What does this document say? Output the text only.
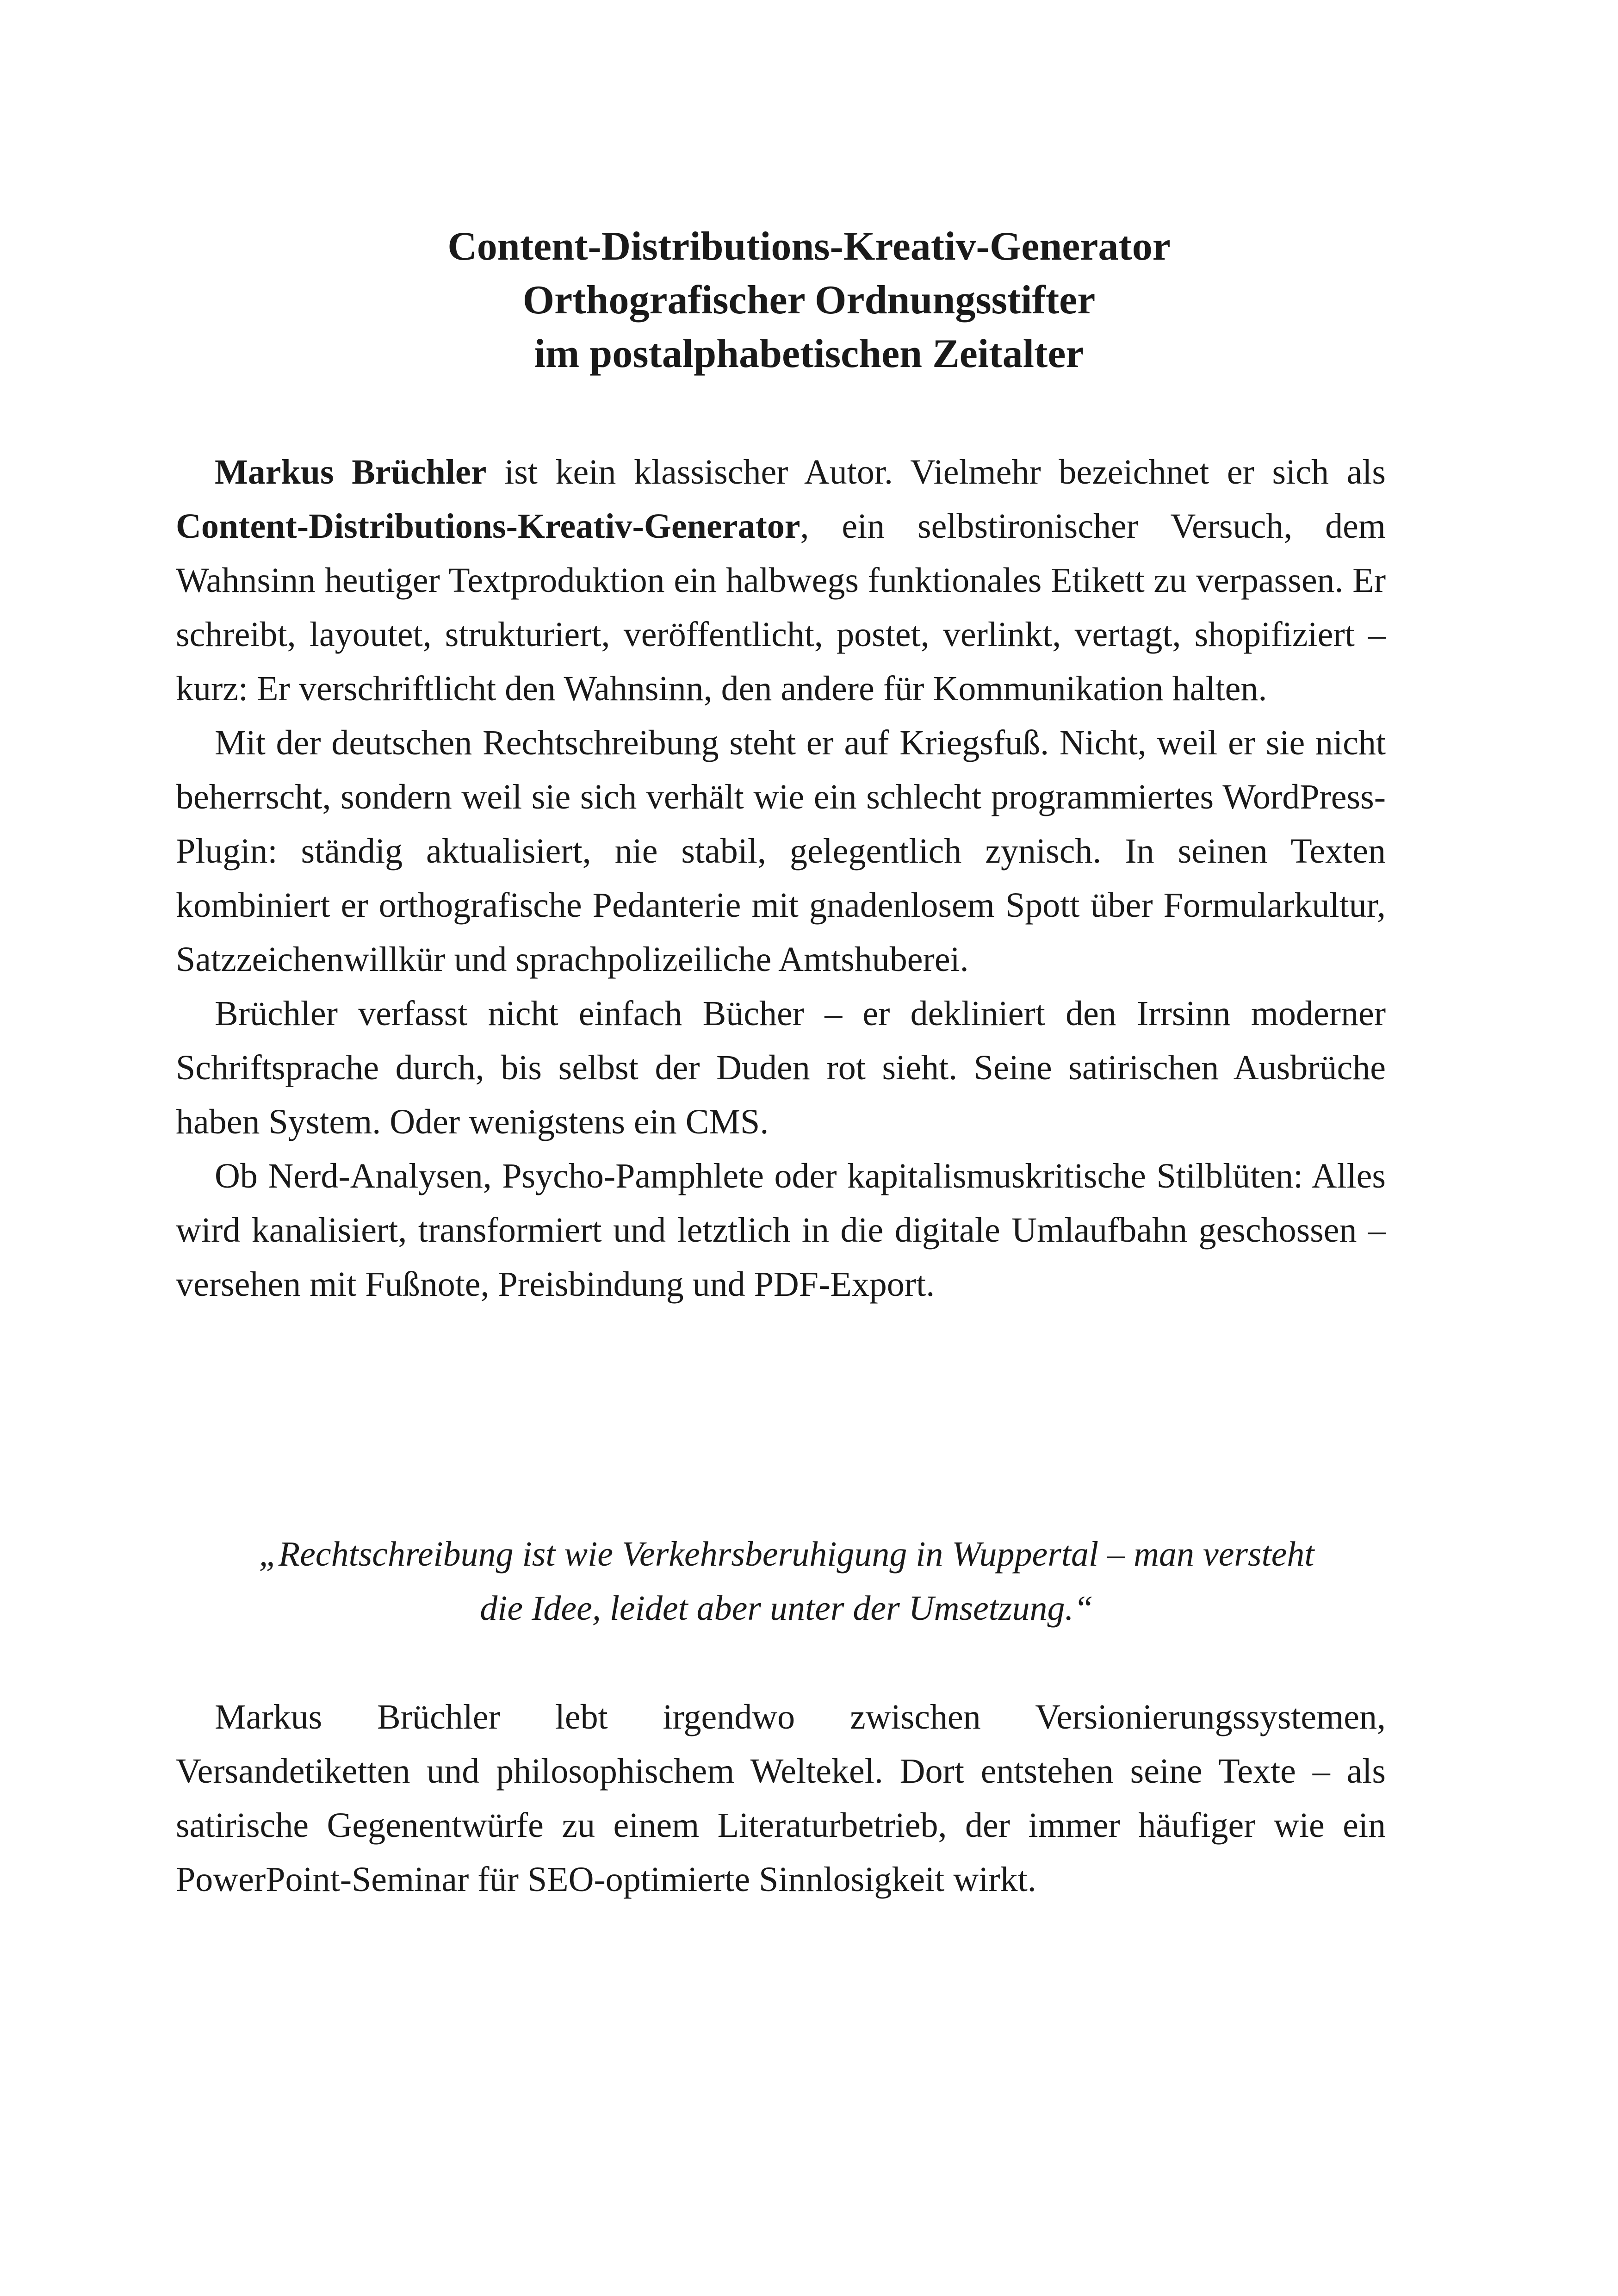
Content-Distributions-Kreativ-Generator
Orthografischer Ordnungsstifter
im postalphabetischen Zeitalter

Markus Brüchler ist kein klassischer Autor. Vielmehr bezeichnet er sich als Content-Distributions-Kreativ-Generator, ein selbstironischer Versuch, dem Wahnsinn heutiger Textproduktion ein halbwegs funktionales Etikett zu verpassen. Er schreibt, layoutet, strukturiert, veröffentlicht, postet, verlinkt, vertagt, shopifiziert – kurz: Er verschriftlicht den Wahnsinn, den andere für Kommunikation halten.

Mit der deutschen Rechtschreibung steht er auf Kriegsfuß. Nicht, weil er sie nicht beherrscht, sondern weil sie sich verhält wie ein schlecht programmiertes WordPress-Plugin: ständig aktualisiert, nie stabil, gelegentlich zynisch. In seinen Texten kombiniert er orthografische Pedanterie mit gnadenlosem Spott über Formularkultur, Satzzeichenwillkür und sprachpolizeiliche Amtshuberei.

Brüchler verfasst nicht einfach Bücher – er dekliniert den Irrsinn moderner Schriftsprache durch, bis selbst der Duden rot sieht. Seine satirischen Ausbrüche haben System. Oder wenigstens ein CMS.

Ob Nerd-Analysen, Psycho-Pamphlete oder kapitalismuskritische Stilblüten: Alles wird kanalisiert, transformiert und letztlich in die digitale Umlaufbahn geschossen – versehen mit Fußnote, Preisbindung und PDF-Export.

„Rechtschreibung ist wie Verkehrsberuhigung in Wuppertal – man versteht
die Idee, leidet aber unter der Umsetzung.“

Markus Brüchler lebt irgendwo zwischen Versionierungssystemen, Versandetiketten und philosophischem Weltekel. Dort entstehen seine Texte – als satirische Gegenentwürfe zu einem Literaturbetrieb, der immer häufiger wie ein PowerPoint-Seminar für SEO-optimierte Sinnlosigkeit wirkt.
